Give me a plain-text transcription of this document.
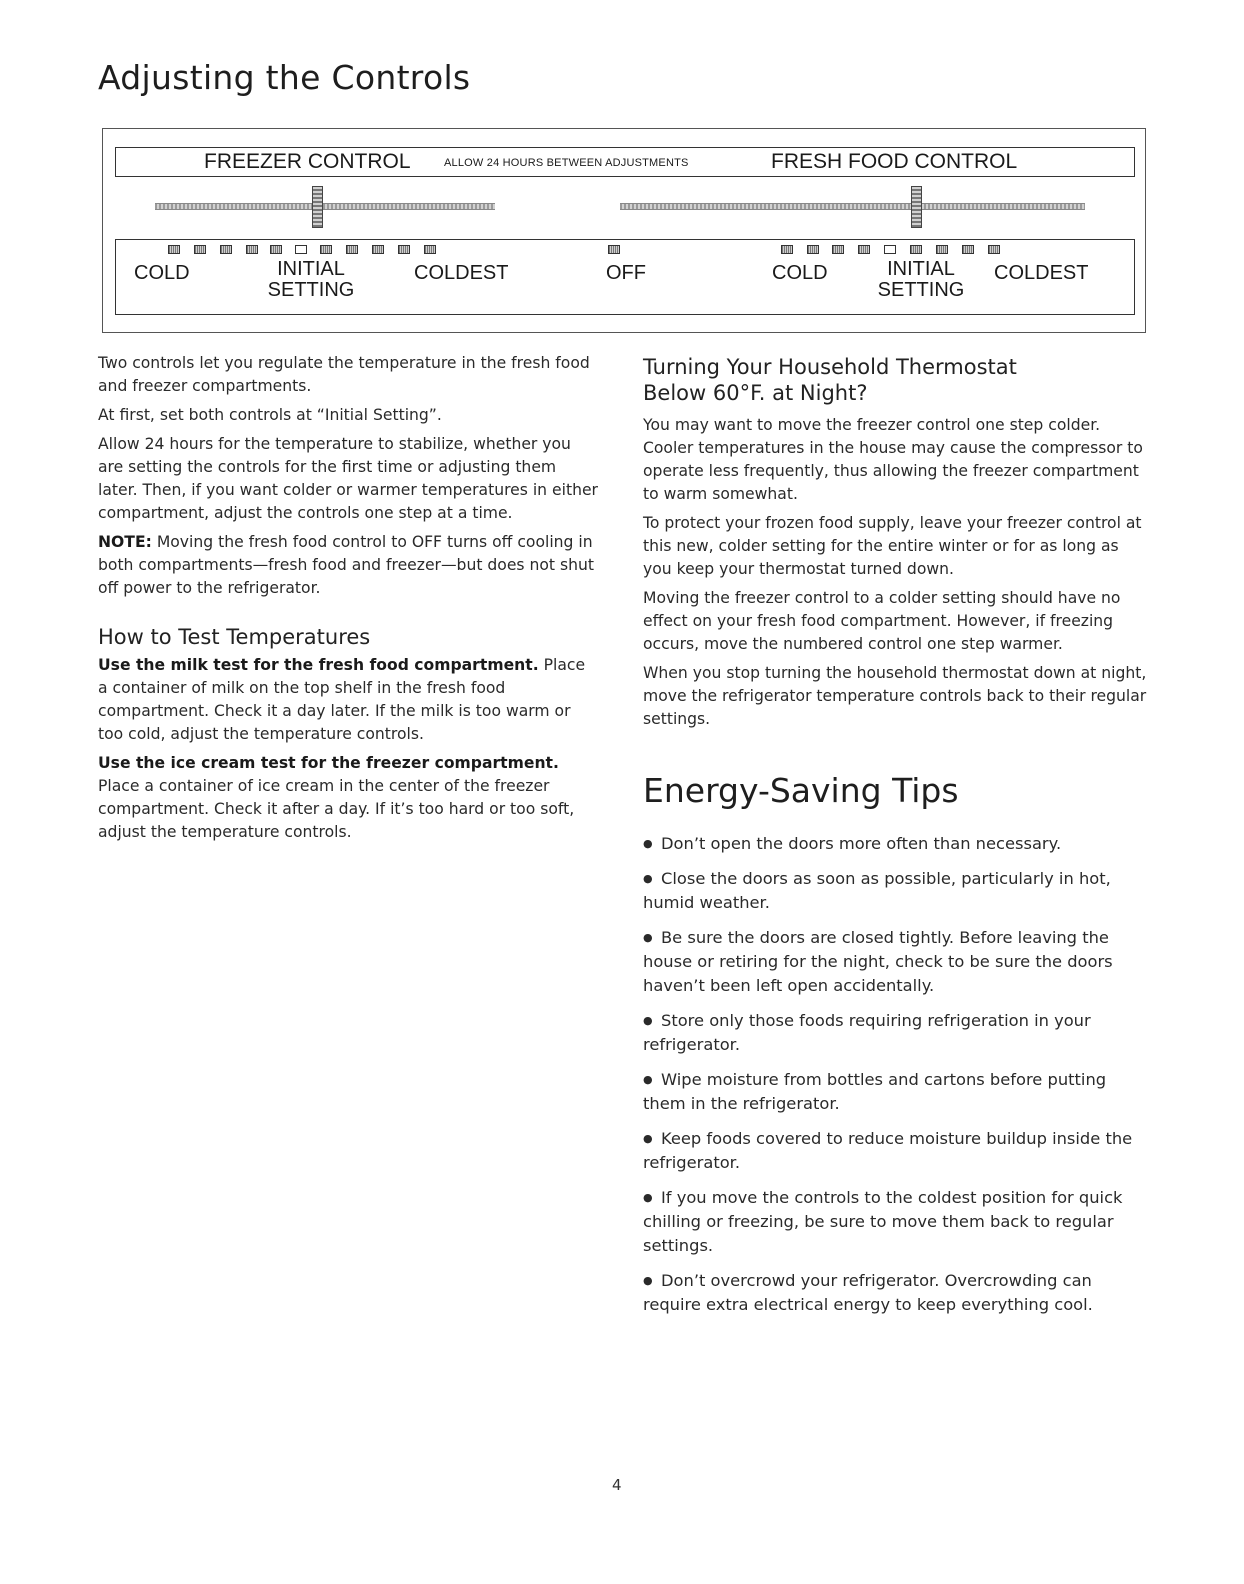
Adjusting the Controls
FREEZER CONTROL	ALLOW 24 HOURS BETWEEN ADJUSTMENTS	FRESH FOOD CONTROL
COLD	INITIAL
SETTING
COLDEST	OFF	COLD	INITIAL
SETTING
COLDEST

Two controls let you regulate the temperature in the fresh food and freezer compartments.

At first, set both controls at “Initial Setting”.

Allow 24 hours for the temperature to stabilize, whether you are setting the controls for the first time or adjusting them later. Then, if you want colder or warmer temperatures in either compartment, adjust the controls one step at a time.

NOTE: Moving the fresh food control to OFF turns off cooling in both compartments—fresh food and freezer—but does not shut off power to the refrigerator.

How to Test Temperatures

Use the milk test for the fresh food compartment. Place a container of milk on the top shelf in the fresh food compartment. Check it a day later. If the milk is too warm or too cold, adjust the temperature controls.

Use the ice cream test for the freezer compartment. Place a container of ice cream in the center of the freezer compartment. Check it after a day. If it’s too hard or too soft, adjust the temperature controls.

Turning Your Household Thermostat Below 60°F. at Night?

You may want to move the freezer control one step colder. Cooler temperatures in the house may cause the compressor to operate less frequently, thus allowing the freezer compartment to warm somewhat.

To protect your frozen food supply, leave your freezer control at this new, colder setting for the entire winter or for as long as you keep your thermostat turned down.

Moving the freezer control to a colder setting should have no effect on your fresh food compartment. However, if freezing occurs, move the numbered control one step warmer.

When you stop turning the household thermostat down at night, move the refrigerator temperature controls back to their regular settings.

Energy-Saving Tips
● Don’t open the doors more often than necessary.
● Close the doors as soon as possible, particularly in hot, humid weather.
● Be sure the doors are closed tightly. Before leaving the house or retiring for the night, check to be sure the doors haven’t been left open accidentally.
● Store only those foods requiring refrigeration in your refrigerator.
● Wipe moisture from bottles and cartons before putting them in the refrigerator.
● Keep foods covered to reduce moisture buildup inside the refrigerator.
● If you move the controls to the coldest position for quick chilling or freezing, be sure to move them back to regular settings.
● Don’t overcrowd your refrigerator. Overcrowding can require extra electrical energy to keep everything cool.
4
